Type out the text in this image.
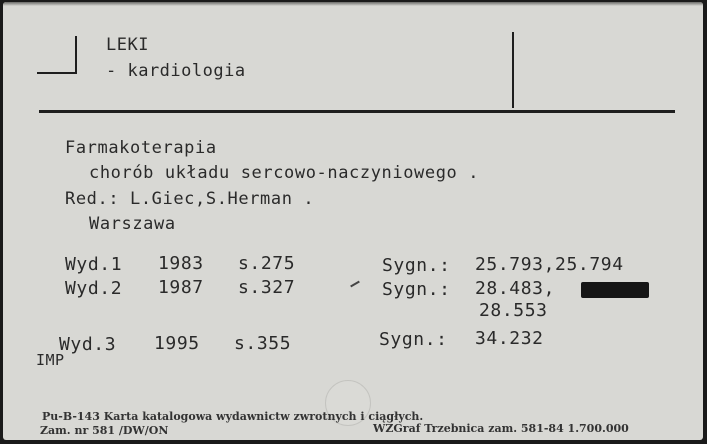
LEKI
- kardiologia
Farmakoterapia
chorób układu sercowo-naczyniowego .
Red.: L.Giec,S.Herman .
Warszawa
Wyd.1 1983 s.275	Sygn.: 25.793,25.794
Wyd.2 1987 s.327	Sygn.: 28.483,
28.553
Wyd.3 1995 s.355	Sygn.: 34.232
IMP
Pu-B-143 Karta katalogowa wydawnictw zwrotnych i ciągłych.
Zam. nr 581 /DW/ON	WZGraf Trzebnica zam. 581-84 1.700.000
